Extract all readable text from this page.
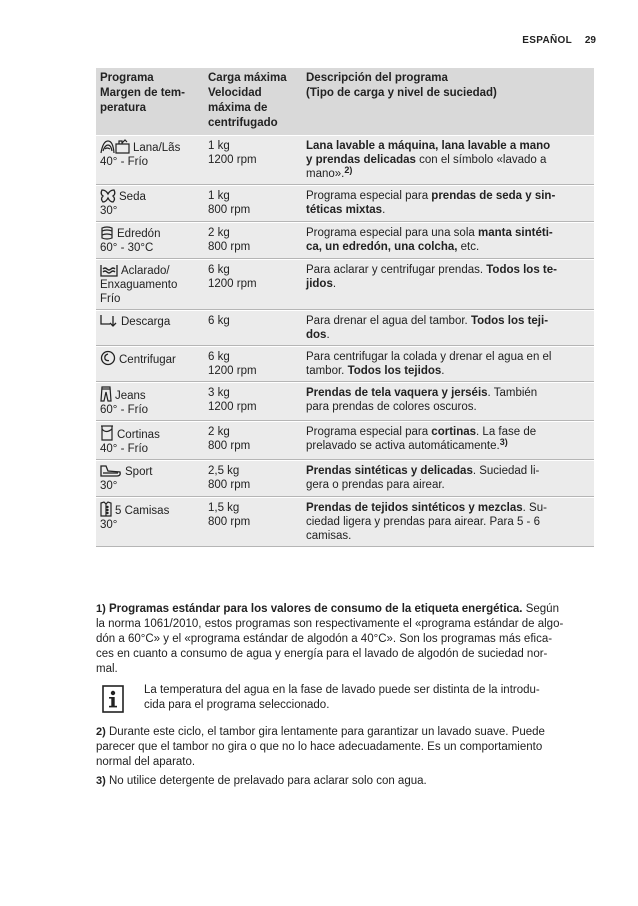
ESPAÑOL 29
Programa
Margen de tem-
peratura	Carga máxima
Velocidad
máxima de
centrifugado	Descripción del programa
(Tipo de carga y nivel de suciedad)

Lana/Lãs
40° - Frío	1 kg
1200 rpm	Lana lavable a máquina, lana lavable a mano
y prendas delicadas con el símbolo «lavado a
mano».$^{2)}$

Seda
30°	1 kg
800 rpm	Programa especial para prendas de seda y sin-
téticas mixtas.

Edredón
60° - 30°C	2 kg
800 rpm	Programa especial para una sola manta sintéti-
ca, un edredón, una colcha, etc.

Aclarado/
Enxaguamento
Frío	6 kg
1200 rpm	Para aclarar y centrifugar prendas. Todos los te-
jidos.

Descarga	6 kg	Para drenar el agua del tambor. Todos los teji-
dos.

Centrifugar	6 kg
1200 rpm	Para centrifugar la colada y drenar el agua en el
tambor. Todos los tejidos.

Jeans
60° - Frío	3 kg
1200 rpm	Prendas de tela vaquera y jerséis. También
para prendas de colores oscuros.

Cortinas
40° - Frío	2 kg
800 rpm	Programa especial para cortinas. La fase de
prelavado se activa automáticamente.$^{3)}$

Sport
30°	2,5 kg
800 rpm	Prendas sintéticas y delicadas. Suciedad li-
gera o prendas para airear.

5 Camisas
30°	1,5 kg
800 rpm	Prendas de tejidos sintéticos y mezclas. Su-
ciedad ligera y prendas para airear. Para 5 - 6
camisas.
1) Programas estándar para los valores de consumo de la etiqueta energética. Según
la norma 1061/2010, estos programas son respectivamente el «programa estándar de algo-
dón a 60°C» y el «programa estándar de algodón a 40°C». Son los programas más efica-
ces en cuanto a consumo de agua y energía para el lavado de algodón de suciedad nor-
mal.
La temperatura del agua en la fase de lavado puede ser distinta de la introdu-
cida para el programa seleccionado.
2) Durante este ciclo, el tambor gira lentamente para garantizar un lavado suave. Puede
parecer que el tambor no gira o que no lo hace adecuadamente. Es un comportamiento
normal del aparato.
3) No utilice detergente de prelavado para aclarar solo con agua.
